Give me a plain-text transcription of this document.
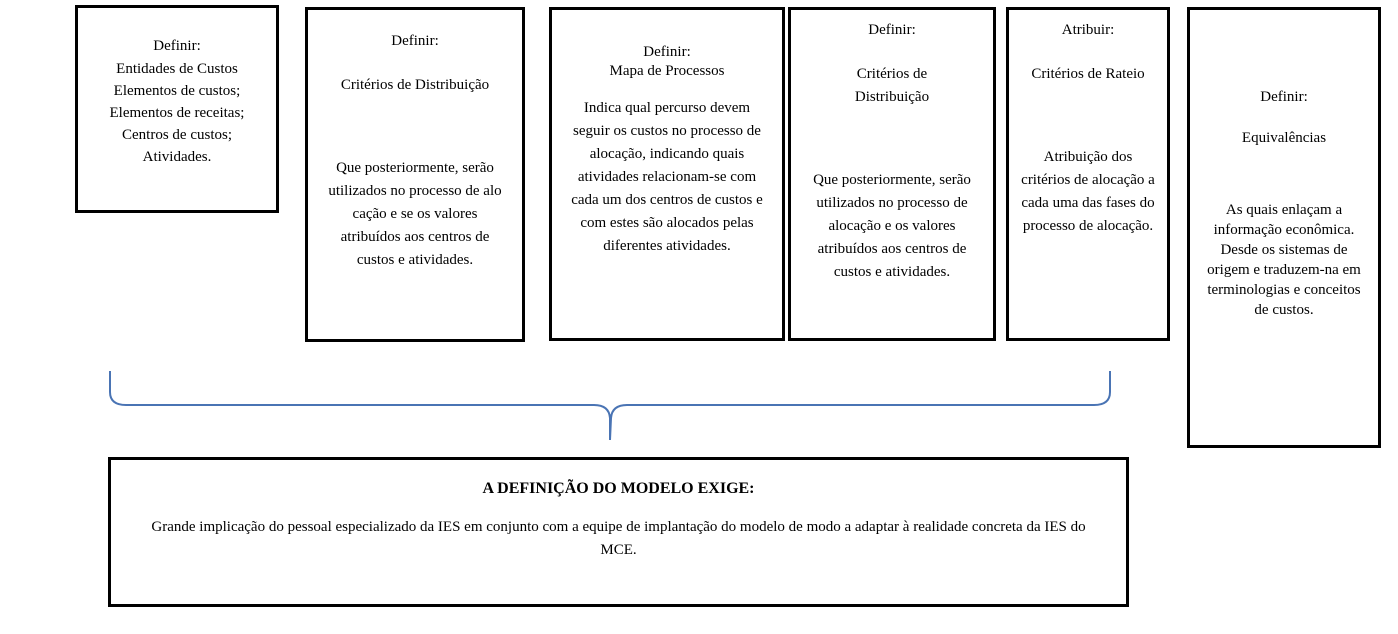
Definir:
Entidades de Custos
Elementos de custos;
Elementos de receitas;
Centros de custos;
Atividades.
Definir:
Critérios de Distribuição
Que posteriormente, serão utilizados no processo de alo cação e se os valores atribuídos aos centros de custos e atividades.
Definir:
Mapa de Processos
Indica qual percurso devem seguir os custos no processo de alocação, indicando quais atividades relacionam-se com cada um dos centros de custos e com estes são alocados pelas diferentes atividades.
Definir:
Critérios de Distribuição
Que posteriormente, serão utilizados no processo de alocação e os valores atribuídos aos centros de custos e atividades.
Atribuir:
Critérios de Rateio
Atribuição dos critérios de alocação a cada uma das fases do processo de alocação.
Definir:
Equivalências
As quais enlaçam a informação econômica. Desde os sistemas de origem e traduzem-na em terminologias e conceitos de custos.
A DEFINIÇÃO DO MODELO EXIGE:
Grande implicação do pessoal especializado da IES em conjunto com a equipe de implantação do modelo de modo a adaptar à realidade concreta da IES do MCE.
